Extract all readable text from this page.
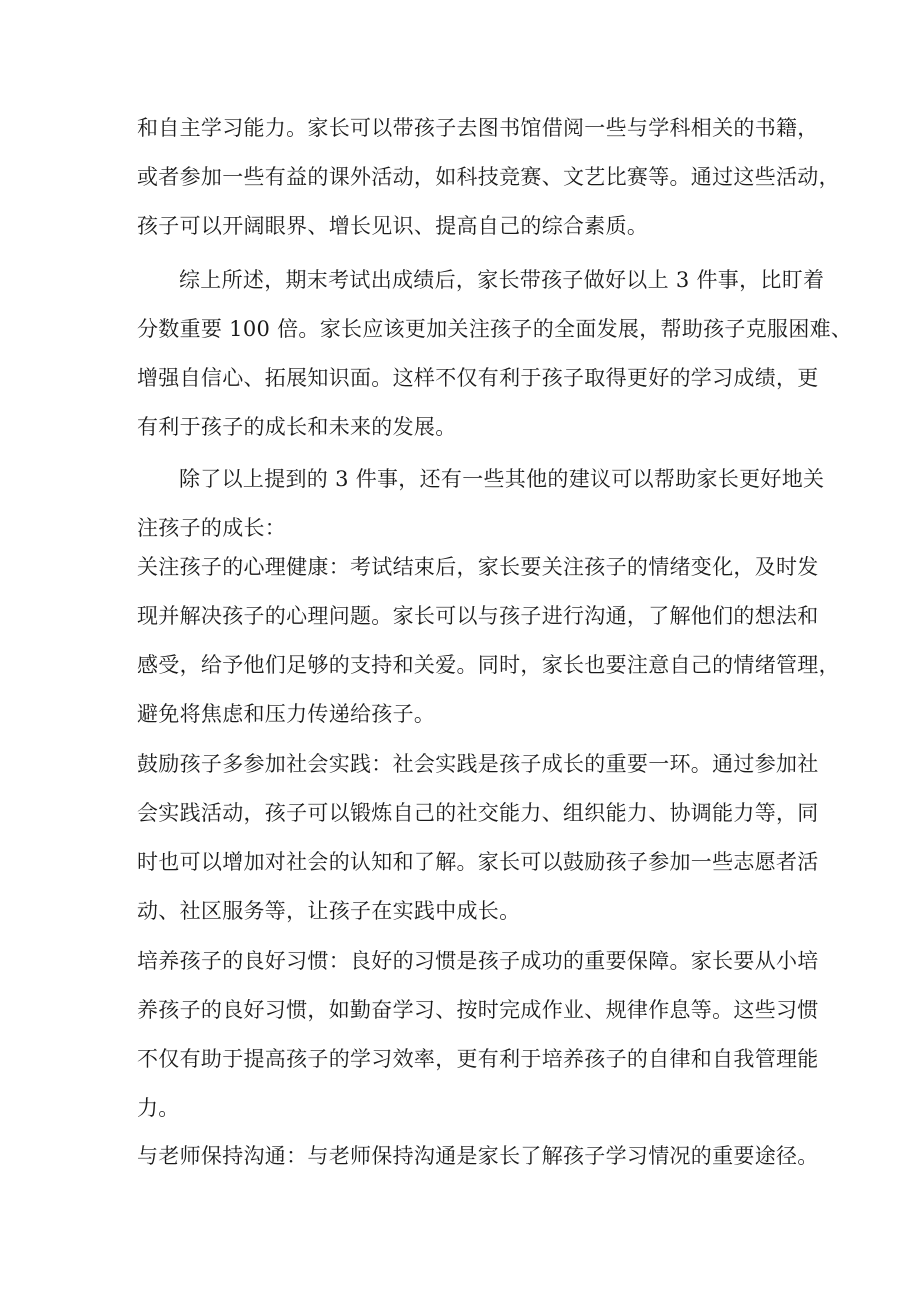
和自主学习能力。家长可以带孩子去图书馆借阅一些与学科相关的书籍，
或者参加一些有益的课外活动，如科技竞赛、文艺比赛等。通过这些活动，
孩子可以开阔眼界、增长见识、提高自己的综合素质。
综上所述，期末考试出成绩后，家长带孩子做好以上 3 件事，比盯着
分数重要 100 倍。家长应该更加关注孩子的全面发展，帮助孩子克服困难、
增强自信心、拓展知识面。这样不仅有利于孩子取得更好的学习成绩，更
有利于孩子的成长和未来的发展。
除了以上提到的 3 件事，还有一些其他的建议可以帮助家长更好地关
注孩子的成长：
关注孩子的心理健康：考试结束后，家长要关注孩子的情绪变化，及时发
现并解决孩子的心理问题。家长可以与孩子进行沟通，了解他们的想法和
感受，给予他们足够的支持和关爱。同时，家长也要注意自己的情绪管理，
避免将焦虑和压力传递给孩子。
鼓励孩子多参加社会实践：社会实践是孩子成长的重要一环。通过参加社
会实践活动，孩子可以锻炼自己的社交能力、组织能力、协调能力等，同
时也可以增加对社会的认知和了解。家长可以鼓励孩子参加一些志愿者活
动、社区服务等，让孩子在实践中成长。
培养孩子的良好习惯：良好的习惯是孩子成功的重要保障。家长要从小培
养孩子的良好习惯，如勤奋学习、按时完成作业、规律作息等。这些习惯
不仅有助于提高孩子的学习效率，更有利于培养孩子的自律和自我管理能
力。
与老师保持沟通：与老师保持沟通是家长了解孩子学习情况的重要途径。
